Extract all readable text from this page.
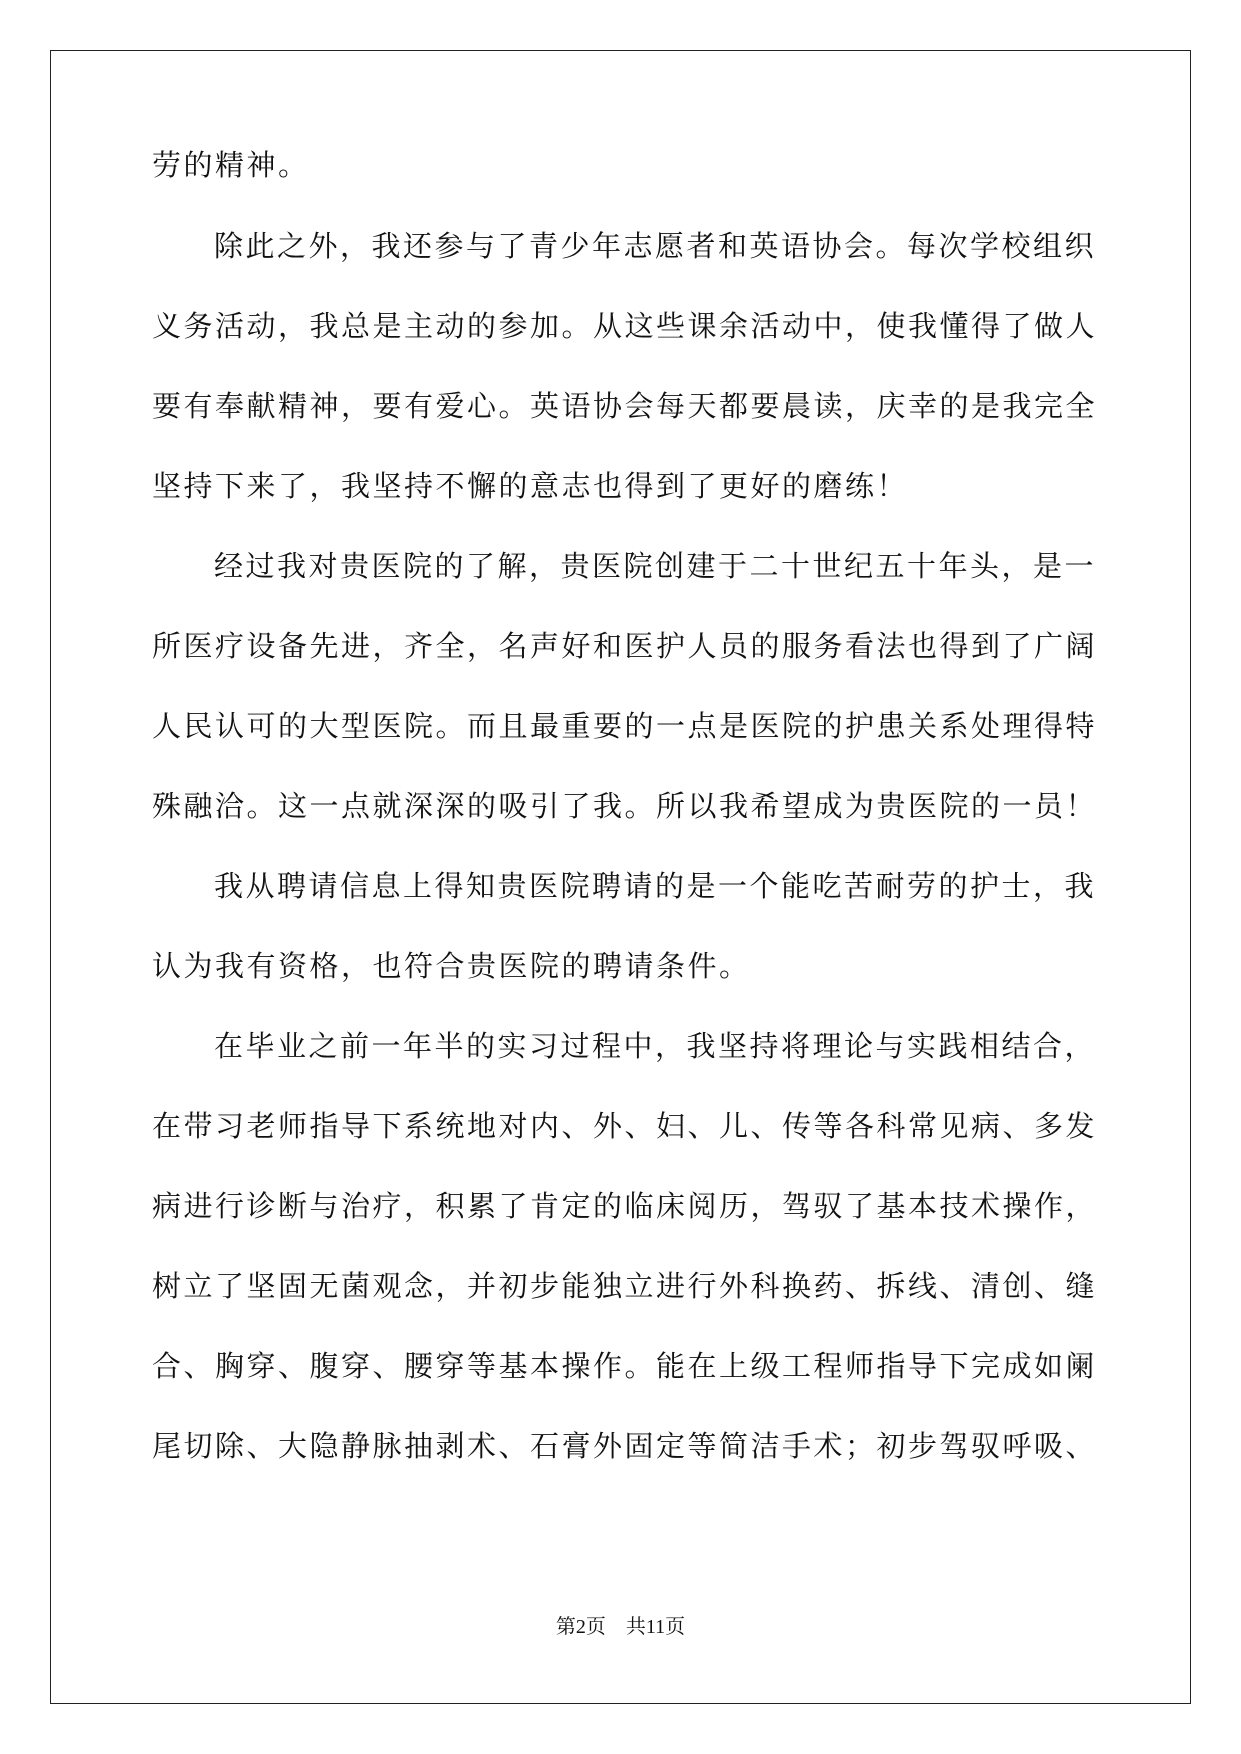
劳的精神。

除此之外，我还参与了青少年志愿者和英语协会。每次学校组织

义务活动，我总是主动的参加。从这些课余活动中，使我懂得了做人

要有奉献精神，要有爱心。英语协会每天都要晨读，庆幸的是我完全

坚持下来了，我坚持不懈的意志也得到了更好的磨练！

经过我对贵医院的了解，贵医院创建于二十世纪五十年头，是一

所医疗设备先进，齐全，名声好和医护人员的服务看法也得到了广阔

人民认可的大型医院。而且最重要的一点是医院的护患关系处理得特

殊融洽。这一点就深深的吸引了我。所以我希望成为贵医院的一员！

我从聘请信息上得知贵医院聘请的是一个能吃苦耐劳的护士，我

认为我有资格，也符合贵医院的聘请条件。

在毕业之前一年半的实习过程中，我坚持将理论与实践相结合，

在带习老师指导下系统地对内、外、妇、儿、传等各科常见病、多发

病进行诊断与治疗，积累了肯定的临床阅历，驾驭了基本技术操作，

树立了坚固无菌观念，并初步能独立进行外科换药、拆线、清创、缝

合、胸穿、腹穿、腰穿等基本操作。能在上级工程师指导下完成如阑

尾切除、大隐静脉抽剥术、石膏外固定等简洁手术；初步驾驭呼吸、

第2页 共11页
